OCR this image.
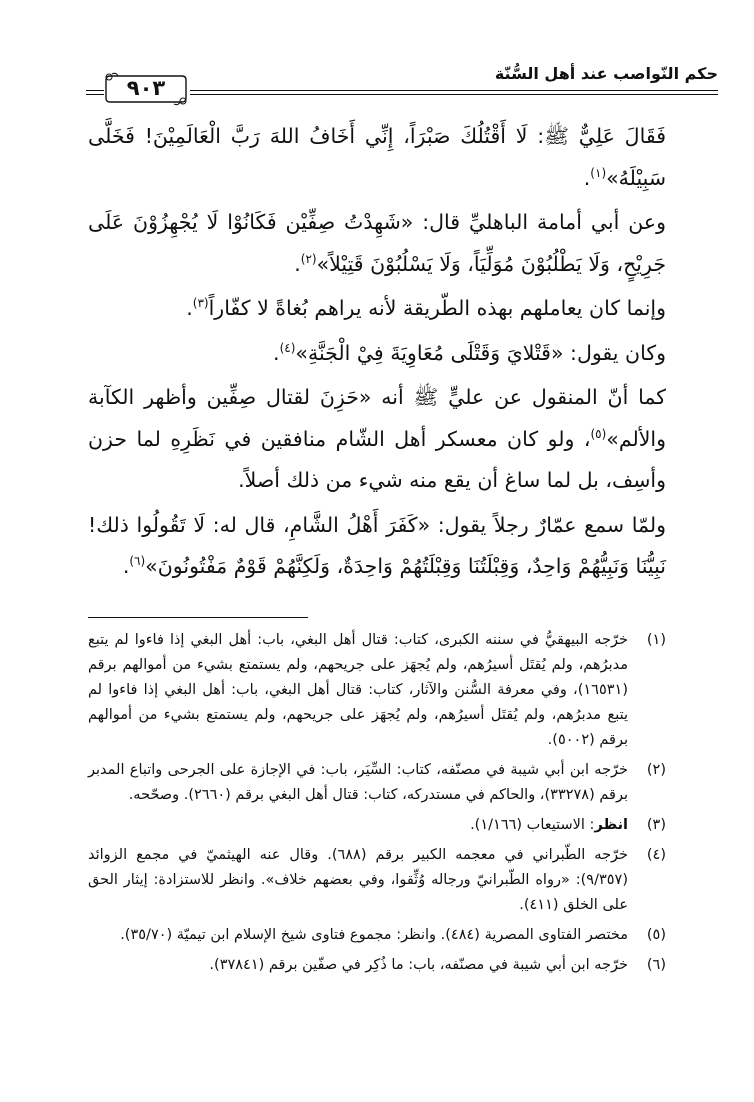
حكم النّواصب عند أهل السُّنّة
٩٠٣

فَقَالَ عَلِيٌّ ﷺ: لَا أَقْتُلُكَ صَبْرَاً، إِنِّي أَخَافُ اللهَ رَبَّ الْعَالَمِيْنَ! فَخَلَّى سَبِيْلَهُ»$^{(١)}$.

وعن أبي أمامة الباهليِّ قال: «شَهِدْتُ صِفِّيْن فَكَانُوْا لَا يُجْهِزُوْنَ عَلَى جَرِيْحٍ، وَلَا يَطْلُبُوْنَ مُوَلِّيَاً، وَلَا يَسْلُبُوْنَ قَتِيْلاً»$^{(٢)}$.

وإنما كان يعاملهم بهذه الطّريقة لأنه يراهم بُغاةً لا كفّاراً$^{(٣)}$.

وكان يقول: «قَتْلايَ وَقَتْلَى مُعَاوِيَةَ فِيْ الْجَنَّةِ»$^{(٤)}$.

كما أنّ المنقول عن عليٍّ ﷺ أنه «حَزِنَ لقتال صِفِّين وأظهر الكآبة والألم»$^{(٥)}$، ولو كان معسكر أهل الشّام منافقين في نَظَرِهِ لما حزن وأسِف، بل لما ساغ أن يقع منه شيء من ذلك أصلاً.

ولمّا سمع عمّارٌ رجلاً يقول: «كَفَرَ أَهْلُ الشَّامِ، قال له: لَا تَقُولُوا ذلك! نَبِيُّنَا وَنَبِيُّهُمْ وَاحِدٌ، وَقِبْلَتُنَا وَقِبْلَتُهُمْ وَاحِدَةٌ، وَلَكِنَّهُمْ قَوْمٌ مَفْتُونُونَ»$^{(٦)}$.

(١)
خرّجه البيهقيُّ في سننه الكبرى، كتاب: قتال أهل البغي، باب: أهل البغي إذا فاءوا لم يتبع مدبرُهم، ولم يُقتَل أسيرُهم، ولم يُجهَز على جريحهم، ولم يستمتع بشيء من أموالهم برقم (١٦٥٣١)، وفي معرفة السُّنن والآثار، كتاب: قتال أهل البغي، باب: أهل البغي إذا فاءوا لم يتبع مدبرُهم، ولم يُقتَل أسيرُهم، ولم يُجهَز على جريحهم، ولم يستمتع بشيء من أموالهم برقم (٥٠٠٢).
(٢)
خرّجه ابن أبي شيبة في مصنّفه، كتاب: السِّيَر، باب: في الإجازة على الجرحى واتباع المدبر برقم (٣٣٢٧٨)، والحاكم في مستدركه، كتاب: قتال أهل البغي برقم (٢٦٦٠). وصحّحه.
(٣)
انظر: الاستيعاب (١/١٦٦).
(٤)
خرّجه الطّبراني في معجمه الكبير برقم (٦٨٨). وقال عنه الهيثميّ في مجمع الزوائد (٩/٣٥٧): «رواه الطّبرانيّ ورجاله وُثِّقوا، وفي بعضهم خلاف». وانظر للاستزادة: إيثار الحق على الخلق (٤١١).
(٥)
مختصر الفتاوى المصرية (٤٨٤). وانظر: مجموع فتاوى شيخ الإسلام ابن تيميّة (٣٥/٧٠).
(٦)
خرّجه ابن أبي شيبة في مصنّفه، باب: ما ذُكِر في صفّين برقم (٣٧٨٤١).
